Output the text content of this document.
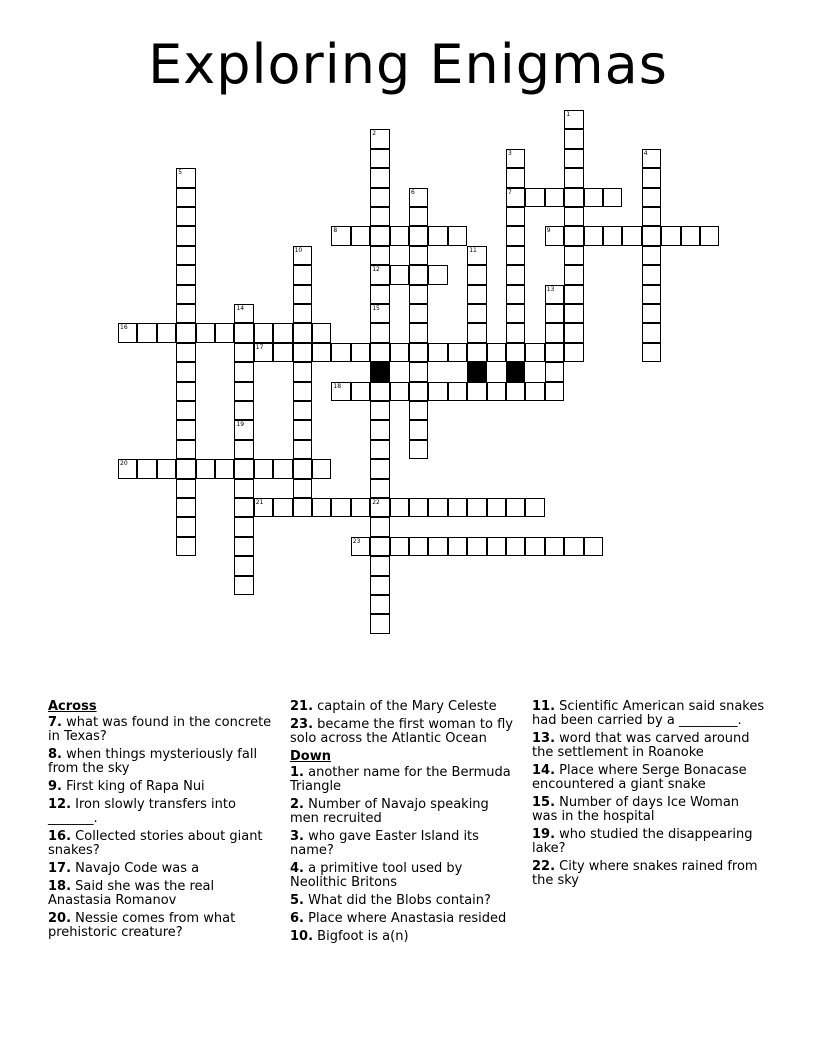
Exploring Enigmas
7
8	9
12
16
17
18
20
21	22
23
1
2
15
3	4
5
6
10	11
13
14
19
Across
7. what was found in the concrete in Texas?
8. when things mysteriously fall from the sky
9. First king of Rapa Nui
12. Iron slowly transfers into _______.
16. Collected stories about giant snakes?
17. Navajo Code was a
18. Said she was the real Anastasia Romanov
20. Nessie comes from what prehistoric creature?
21. captain of the Mary Celeste
23. became the first woman to fly solo across the Atlantic Ocean
Down
1. another name for the Bermuda Triangle
2. Number of Navajo speaking men recruited
3. who gave Easter Island its name?
4. a primitive tool used by Neolithic Britons
5. What did the Blobs contain?
6. Place where Anastasia resided
10. Bigfoot is a(n)
11. Scientific American said snakes had been carried by a _________.
13. word that was carved around the settlement in Roanoke
14. Place where Serge Bonacase encountered a giant snake
15. Number of days Ice Woman was in the hospital
19. who studied the disappearing lake?
22. City where snakes rained from the sky
